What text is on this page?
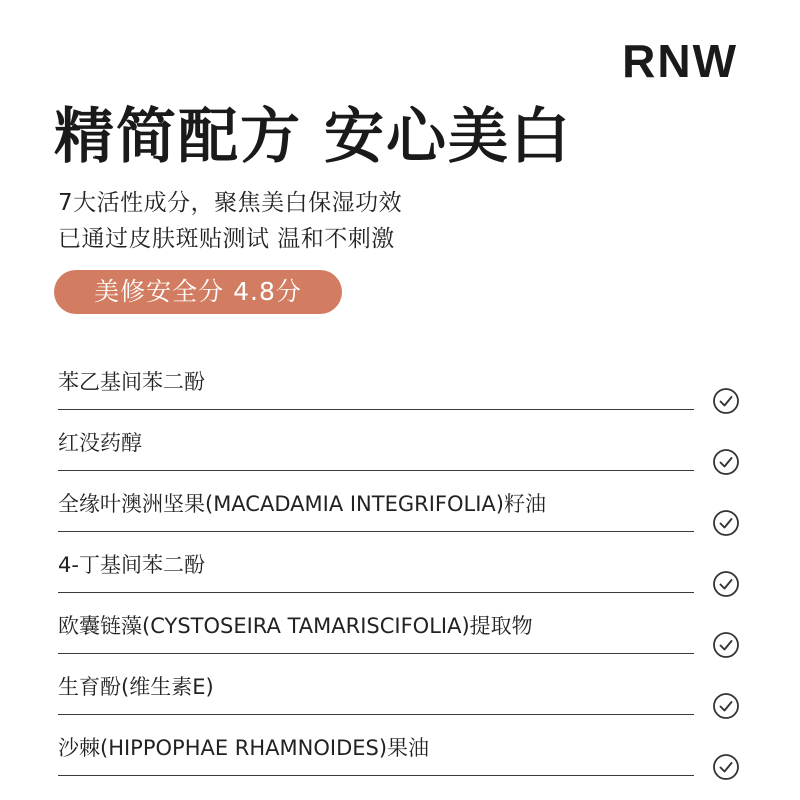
RNW
精简配方 安心美白
7大活性成分，聚焦美白保湿功效
已通过皮肤斑贴测试 温和不刺激
美修安全分 4.8分
苯乙基间苯二酚
红没药醇
全缘叶澳洲坚果(MACADAMIA INTEGRIFOLIA)籽油
4-丁基间苯二酚
欧囊链藻(CYSTOSEIRA TAMARISCIFOLIA)提取物
生育酚(维生素E)
沙棘(HIPPOPHAE RHAMNOIDES)果油
